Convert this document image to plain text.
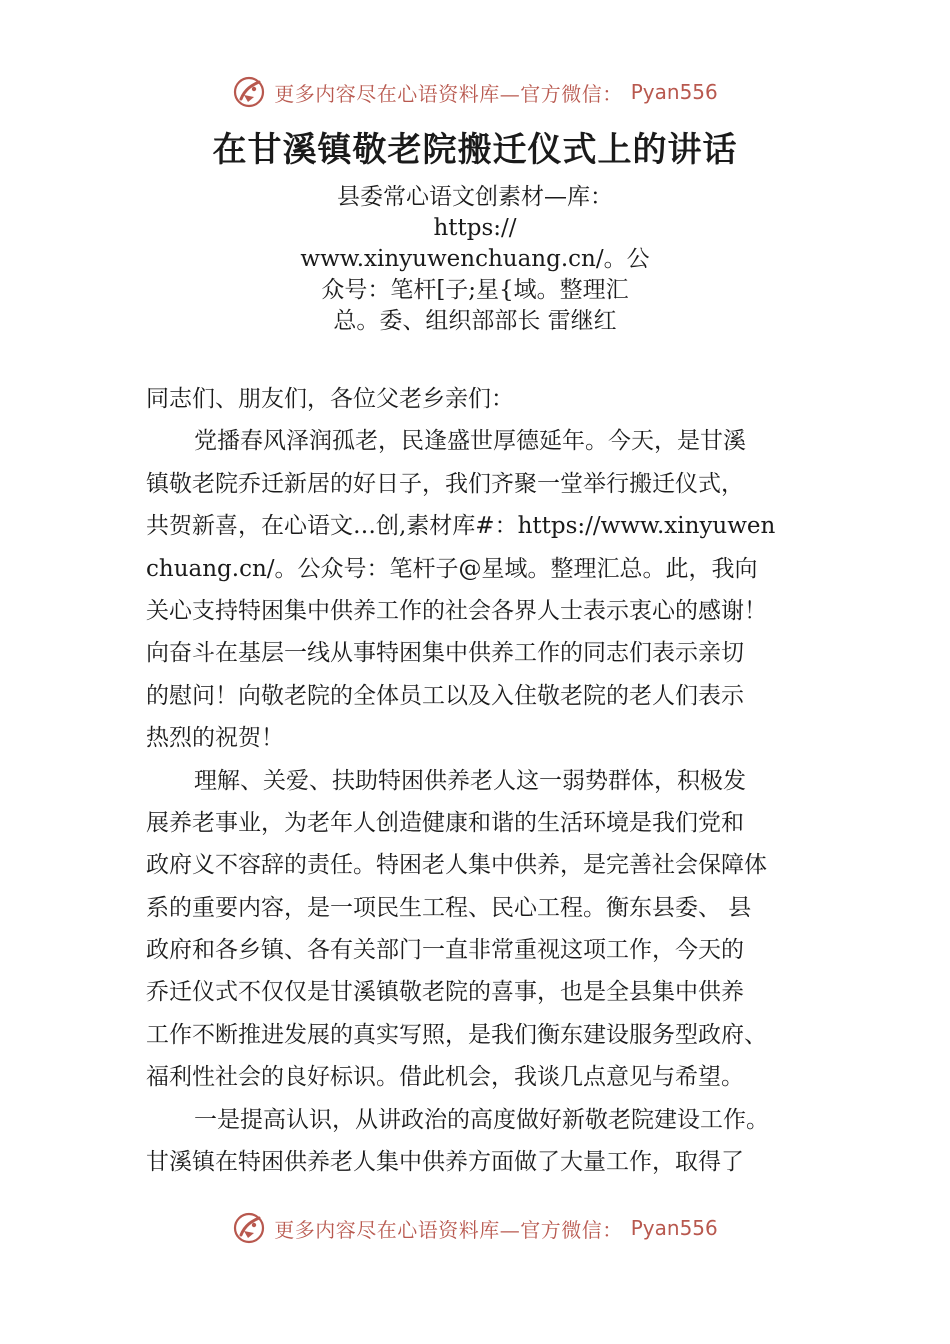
更多内容尽在心语资料库—官方微信： Pyan556
在甘溪镇敬老院搬迁仪式上的讲话
县委常心语文创素材—库：
https://
www.xinyuwenchuang.cn/。公
众号：笔杆[子;星{域。整理汇
总。委、组织部部长 雷继红
同志们、朋友们，各位父老乡亲们：
党播春风泽润孤老，民逢盛世厚德延年。今天，是甘溪
镇敬老院乔迁新居的好日子，我们齐聚一堂举行搬迁仪式，
共贺新喜，在心语文…创,素材库#：https://www.xinyuwen
chuang.cn/。公众号：笔杆子@星域。整理汇总。此，我向
关心支持特困集中供养工作的社会各界人士表示衷心的感谢！
向奋斗在基层一线从事特困集中供养工作的同志们表示亲切
的慰问！向敬老院的全体员工以及入住敬老院的老人们表示
热烈的祝贺！
理解、关爱、扶助特困供养老人这一弱势群体，积极发
展养老事业，为老年人创造健康和谐的生活环境是我们党和
政府义不容辞的责任。特困老人集中供养，是完善社会保障体
系的重要内容，是一项民生工程、民心工程。衡东县委、 县
政府和各乡镇、各有关部门一直非常重视这项工作，今天的
乔迁仪式不仅仅是甘溪镇敬老院的喜事，也是全县集中供养
工作不断推进发展的真实写照，是我们衡东建设服务型政府、
福利性社会的良好标识。借此机会，我谈几点意见与希望。
一是提高认识，从讲政治的高度做好新敬老院建设工作。
甘溪镇在特困供养老人集中供养方面做了大量工作，取得了
更多内容尽在心语资料库—官方微信： Pyan556
